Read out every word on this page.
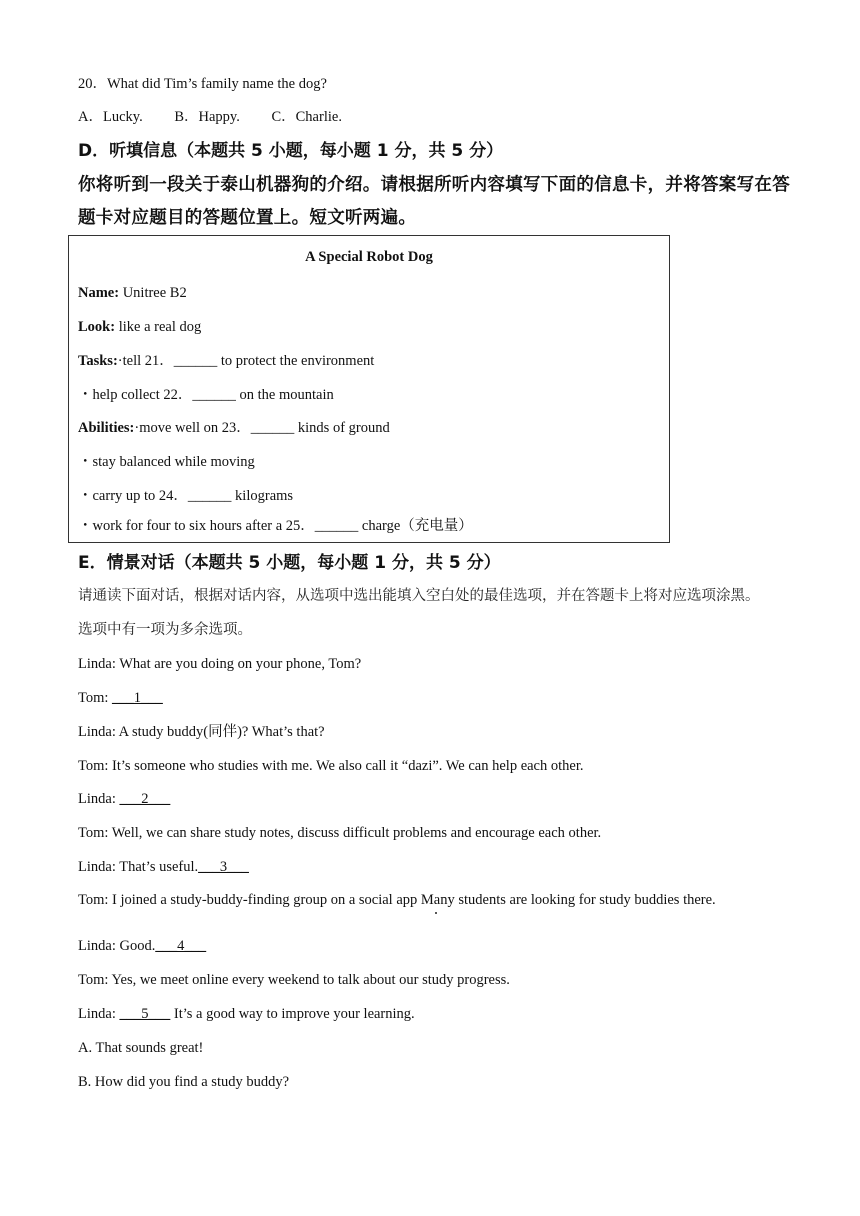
20．What did Tim’s family name the dog?
A．Lucky. B．Happy. C．Charlie.
D．听填信息（本题共 5 小题，每小题 1 分，共 5 分）
你将听到一段关于泰山机器狗的介绍。请根据所听内容填写下面的信息卡，并将答案写在答
题卡对应题目的答题位置上。短文听两遍。
A Special Robot Dog
Name: Unitree B2
Look: like a real dog
Tasks:·tell 21．______ to protect the environment
・help collect 22．______ on the mountain
Abilities:·move well on 23．______ kinds of ground
・stay balanced while moving
・carry up to 24．______ kilograms
・work for four to six hours after a 25．______ charge（充电量）
E．情景对话（本题共 5 小题，每小题 1 分，共 5 分）
请通读下面对话，根据对话内容，从选项中选出能填入空白处的最佳选项，并在答题卡上将对应选项涂黑。
选项中有一项为多余选项。
Linda: What are you doing on your phone, Tom?
Tom: ___1___
Linda: A study buddy(同伴)? What’s that?
Tom: It’s someone who studies with me. We also call it “dazi”. We can help each other.
Linda: ___2___
Tom: Well, we can share study notes, discuss difficult problems and encourage each other.
Linda: That’s useful.___3___
Tom: I joined a study-buddy-finding group on a social app Many students are looking for study buddies there.
Linda: Good.___4___
Tom: Yes, we meet online every weekend to talk about our study progress.
Linda: ___5___ It’s a good way to improve your learning.
A. That sounds great!
B. How did you find a study buddy?
